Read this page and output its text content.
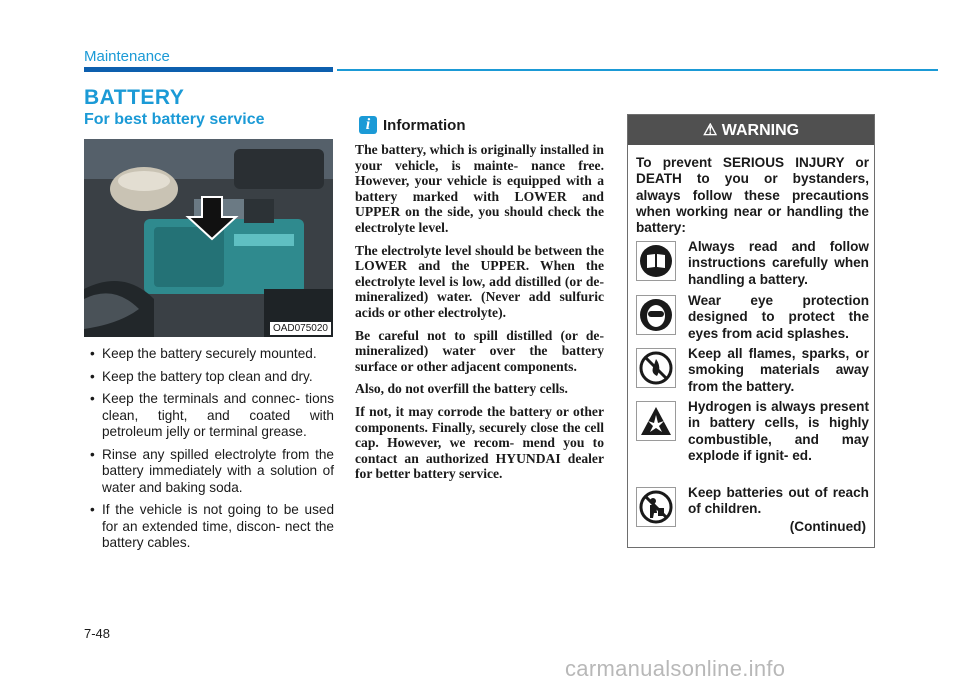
Maintenance
BATTERY
For best battery service
OAD075020
• Keep the battery securely mounted.
• Keep the battery top clean and dry.
• Keep the terminals and connec- tions clean, tight, and coated with petroleum jelly or terminal grease.
• Rinse any spilled electrolyte from the battery immediately with a solution of water and baking soda.
• If the vehicle is not going to be used for an extended time, discon- nect the battery cables.
i Information

The battery, which is originally installed in your vehicle, is mainte- nance free. However, your vehicle is equipped with a battery marked with LOWER and UPPER on the side, you should check the electrolyte level.

The electrolyte level should be between the LOWER and the UPPER. When the electrolyte level is low, add distilled (or de-mineralized) water. (Never add sulfuric acids or other electrolyte).

Be careful not to spill distilled (or de- mineralized) water over the battery surface or other adjacent components.

Also, do not overfill the battery cells.

If not, it may corrode the battery or other components. Finally, securely close the cell cap. However, we recom- mend you to contact an authorized HYUNDAI dealer for better battery service.

⚠ WARNING
To prevent SERIOUS INJURY or DEATH to you or bystanders, always follow these precautions when working near or handling the battery:
Always read and follow instructions carefully when handling a battery.
Wear eye protection designed to protect the eyes from acid splashes.
Keep all flames, sparks, or smoking materials away from the battery.
Hydrogen is always present in battery cells, is highly combustible, and may explode if ignit- ed.
Keep batteries out of reach of children.
(Continued)
7-48
carmanualsonline.info
